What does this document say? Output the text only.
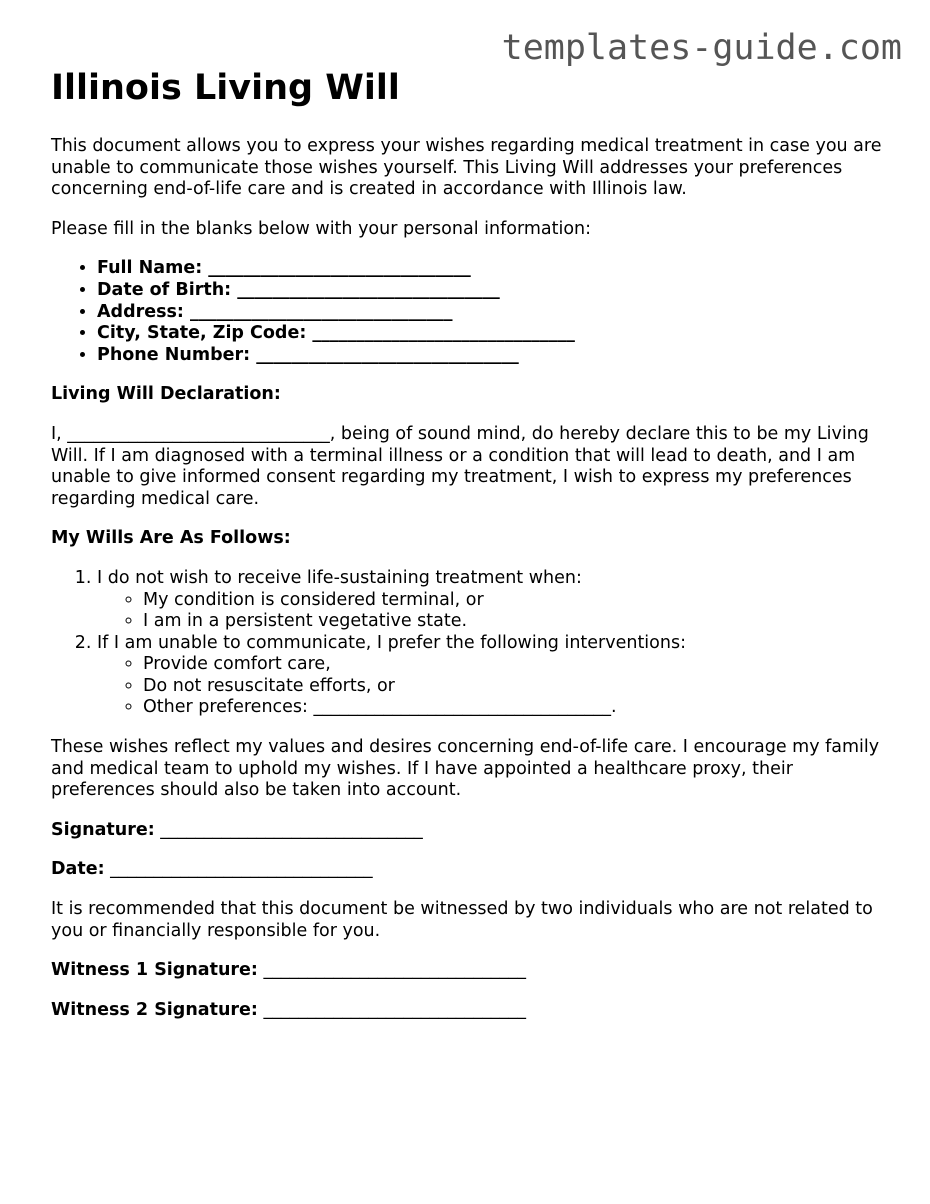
templates-guide.com
Illinois Living Will

This document allows you to express your wishes regarding medical treatment in case you are unable to communicate those wishes yourself. This Living Will addresses your preferences concerning end-of-life care and is created in accordance with Illinois law.

Please fill in the blanks below with your personal information:

• Full Name: ______________________________
• Date of Birth: ______________________________
• Address: ______________________________
• City, State, Zip Code: ______________________________
• Phone Number: ______________________________

Living Will Declaration:

I, ______________________________, being of sound mind, do hereby declare this to be my Living Will. If I am diagnosed with a terminal illness or a condition that will lead to death, and I am unable to give informed consent regarding my treatment, I wish to express my preferences regarding medical care.

My Wills Are As Follows:

1. I do not wish to receive life-sustaining treatment when:
◦ My condition is considered terminal, or
◦ I am in a persistent vegetative state.
2. If I am unable to communicate, I prefer the following interventions:
◦ Provide comfort care,
◦ Do not resuscitate efforts, or
◦ Other preferences: __________________________________.

These wishes reflect my values and desires concerning end-of-life care. I encourage my family and medical team to uphold my wishes. If I have appointed a healthcare proxy, their preferences should also be taken into account.

Signature: ______________________________

Date: ______________________________

It is recommended that this document be witnessed by two individuals who are not related to you or financially responsible for you.

Witness 1 Signature: ______________________________

Witness 2 Signature: ______________________________
